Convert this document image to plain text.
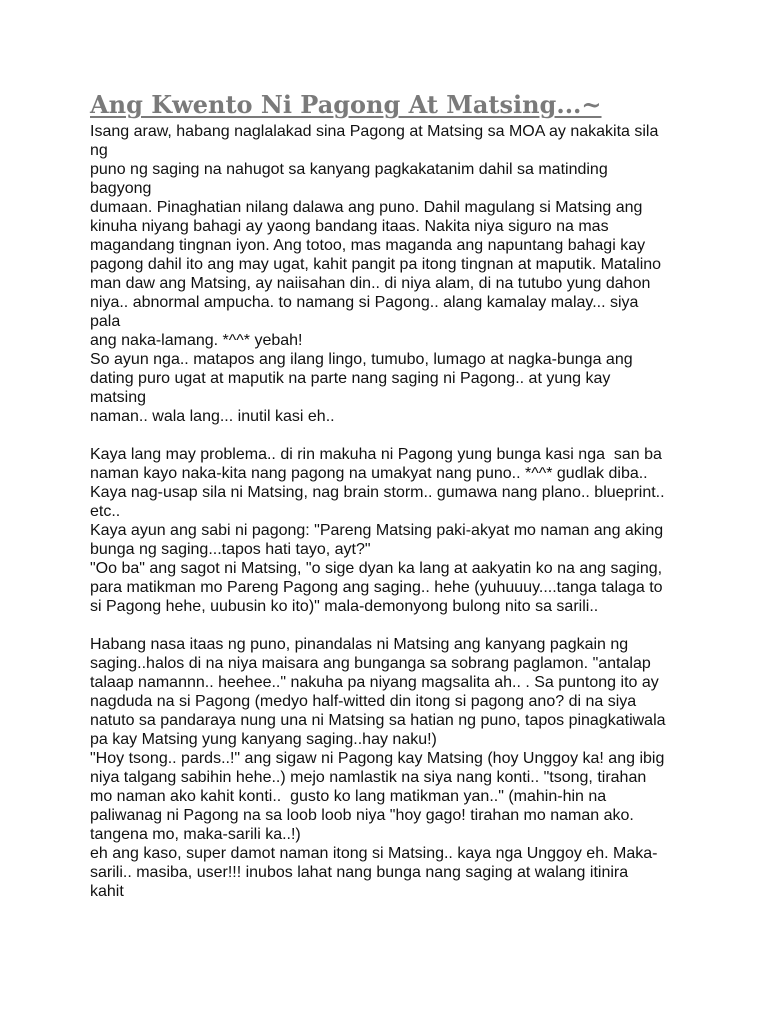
Ang Kwento Ni Pagong At Matsing...~
Isang araw, habang naglalakad sina Pagong at Matsing sa MOA ay nakakita sila
ng
puno ng saging na nahugot sa kanyang pagkakatanim dahil sa matinding
bagyong
dumaan. Pinaghatian nilang dalawa ang puno. Dahil magulang si Matsing ang
kinuha niyang bahagi ay yaong bandang itaas. Nakita niya siguro na mas
magandang tingnan iyon. Ang totoo, mas maganda ang napuntang bahagi kay
pagong dahil ito ang may ugat, kahit pangit pa itong tingnan at maputik. Matalino
man daw ang Matsing, ay naiisahan din.. di niya alam, di na tutubo yung dahon
niya.. abnormal ampucha. to namang si Pagong.. alang kamalay malay... siya
pala
ang naka-lamang. *^^* yebah!
So ayun nga.. matapos ang ilang lingo, tumubo, lumago at nagka-bunga ang
dating puro ugat at maputik na parte nang saging ni Pagong.. at yung kay
matsing
naman.. wala lang... inutil kasi eh..
Kaya lang may problema.. di rin makuha ni Pagong yung bunga kasi nga  san ba
naman kayo naka-kita nang pagong na umakyat nang puno.. *^^* gudlak diba..
Kaya nag-usap sila ni Matsing, nag brain storm.. gumawa nang plano.. blueprint..
etc..
Kaya ayun ang sabi ni pagong: "Pareng Matsing paki-akyat mo naman ang aking
bunga ng saging...tapos hati tayo, ayt?"
"Oo ba" ang sagot ni Matsing, "o sige dyan ka lang at aakyatin ko na ang saging,
para matikman mo Pareng Pagong ang saging.. hehe (yuhuuuy....tanga talaga to
si Pagong hehe, uubusin ko ito)" mala-demonyong bulong nito sa sarili..
Habang nasa itaas ng puno, pinandalas ni Matsing ang kanyang pagkain ng
saging..halos di na niya maisara ang bunganga sa sobrang paglamon. "antalap
talaap namannn.. heehee.." nakuha pa niyang magsalita ah.. . Sa puntong ito ay
nagduda na si Pagong (medyo half-witted din itong si pagong ano? di na siya
natuto sa pandaraya nung una ni Matsing sa hatian ng puno, tapos pinagkatiwala
pa kay Matsing yung kanyang saging..hay naku!)
"Hoy tsong.. pards..!" ang sigaw ni Pagong kay Matsing (hoy Unggoy ka! ang ibig
niya talgang sabihin hehe..) mejo namlastik na siya nang konti.. "tsong, tirahan
mo naman ako kahit konti..  gusto ko lang matikman yan.." (mahin-hin na
paliwanag ni Pagong na sa loob loob niya "hoy gago! tirahan mo naman ako.
tangena mo, maka-sarili ka..!)
eh ang kaso, super damot naman itong si Matsing.. kaya nga Unggoy eh. Maka-
sarili.. masiba, user!!! inubos lahat nang bunga nang saging at walang itinira
kahit
